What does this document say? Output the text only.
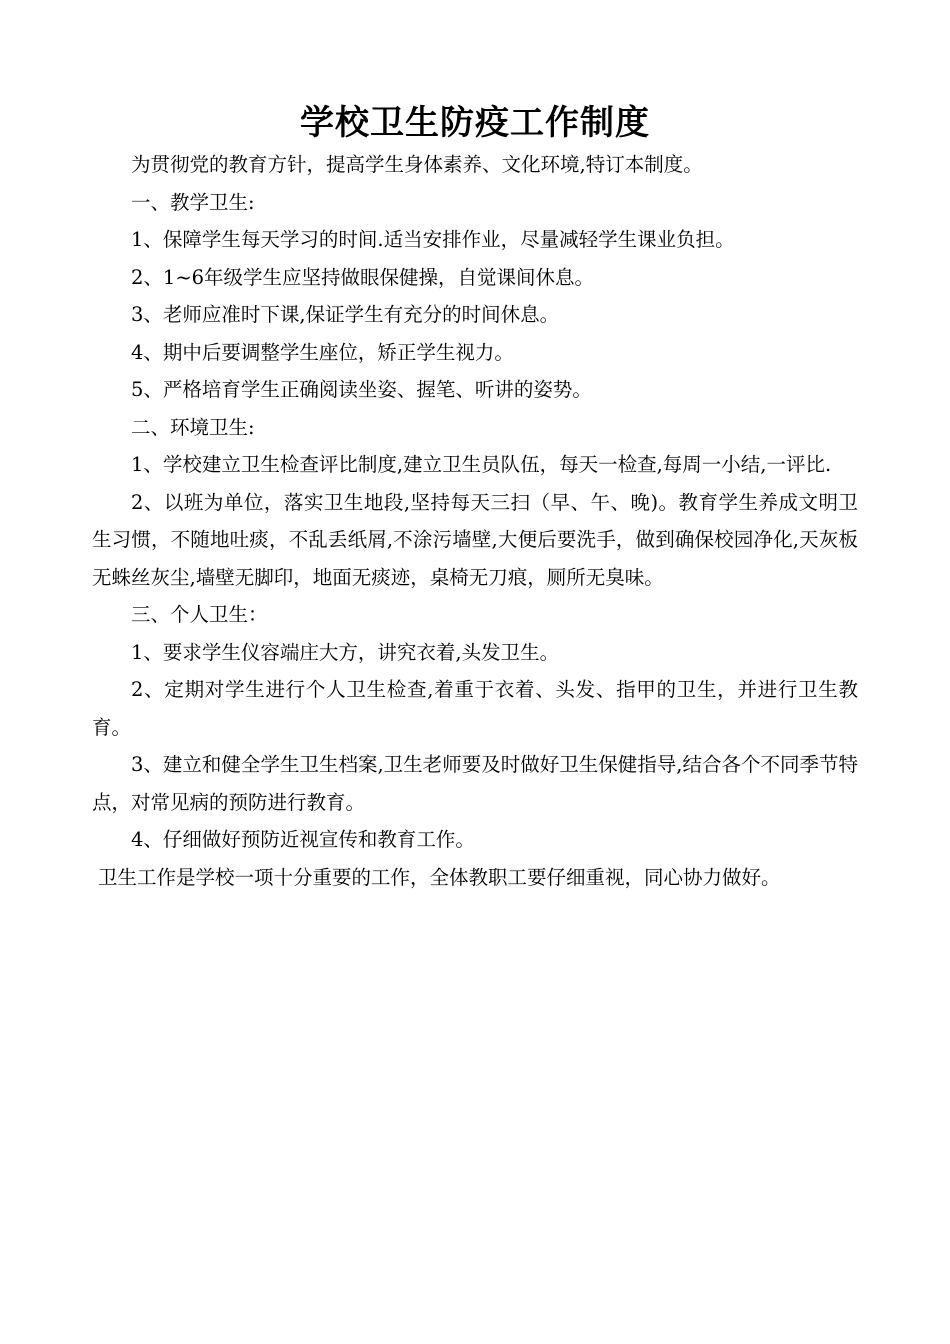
学校卫生防疫工作制度

为贯彻党的教育方针，提高学生身体素养、文化环境,特订本制度。

一、教学卫生:

1、保障学生每天学习的时间.适当安排作业，尽量减轻学生课业负担。

2、1~6年级学生应坚持做眼保健操，自觉课间休息。

3、老师应准时下课,保证学生有充分的时间休息。

4、期中后要调整学生座位，矫正学生视力。

5、严格培育学生正确阅读坐姿、握笔、听讲的姿势。

二、环境卫生:

1、学校建立卫生检查评比制度,建立卫生员队伍，每天一检查,每周一小结,一评比.

2、以班为单位，落实卫生地段,坚持每天三扫（早、午、晚)。教育学生养成文明卫生习惯，不随地吐痰，不乱丢纸屑,不涂污墙壁,大便后要洗手，做到确保校园净化,天灰板无蛛丝灰尘,墙壁无脚印，地面无痰迹，桌椅无刀痕，厕所无臭味。

三、个人卫生：

1、要求学生仪容端庄大方，讲究衣着,头发卫生。

2、定期对学生进行个人卫生检查,着重于衣着、头发、指甲的卫生，并进行卫生教育。

3、建立和健全学生卫生档案,卫生老师要及时做好卫生保健指导,结合各个不同季节特点，对常见病的预防进行教育。

4、仔细做好预防近视宣传和教育工作。

卫生工作是学校一项十分重要的工作，全体教职工要仔细重视，同心协力做好。
